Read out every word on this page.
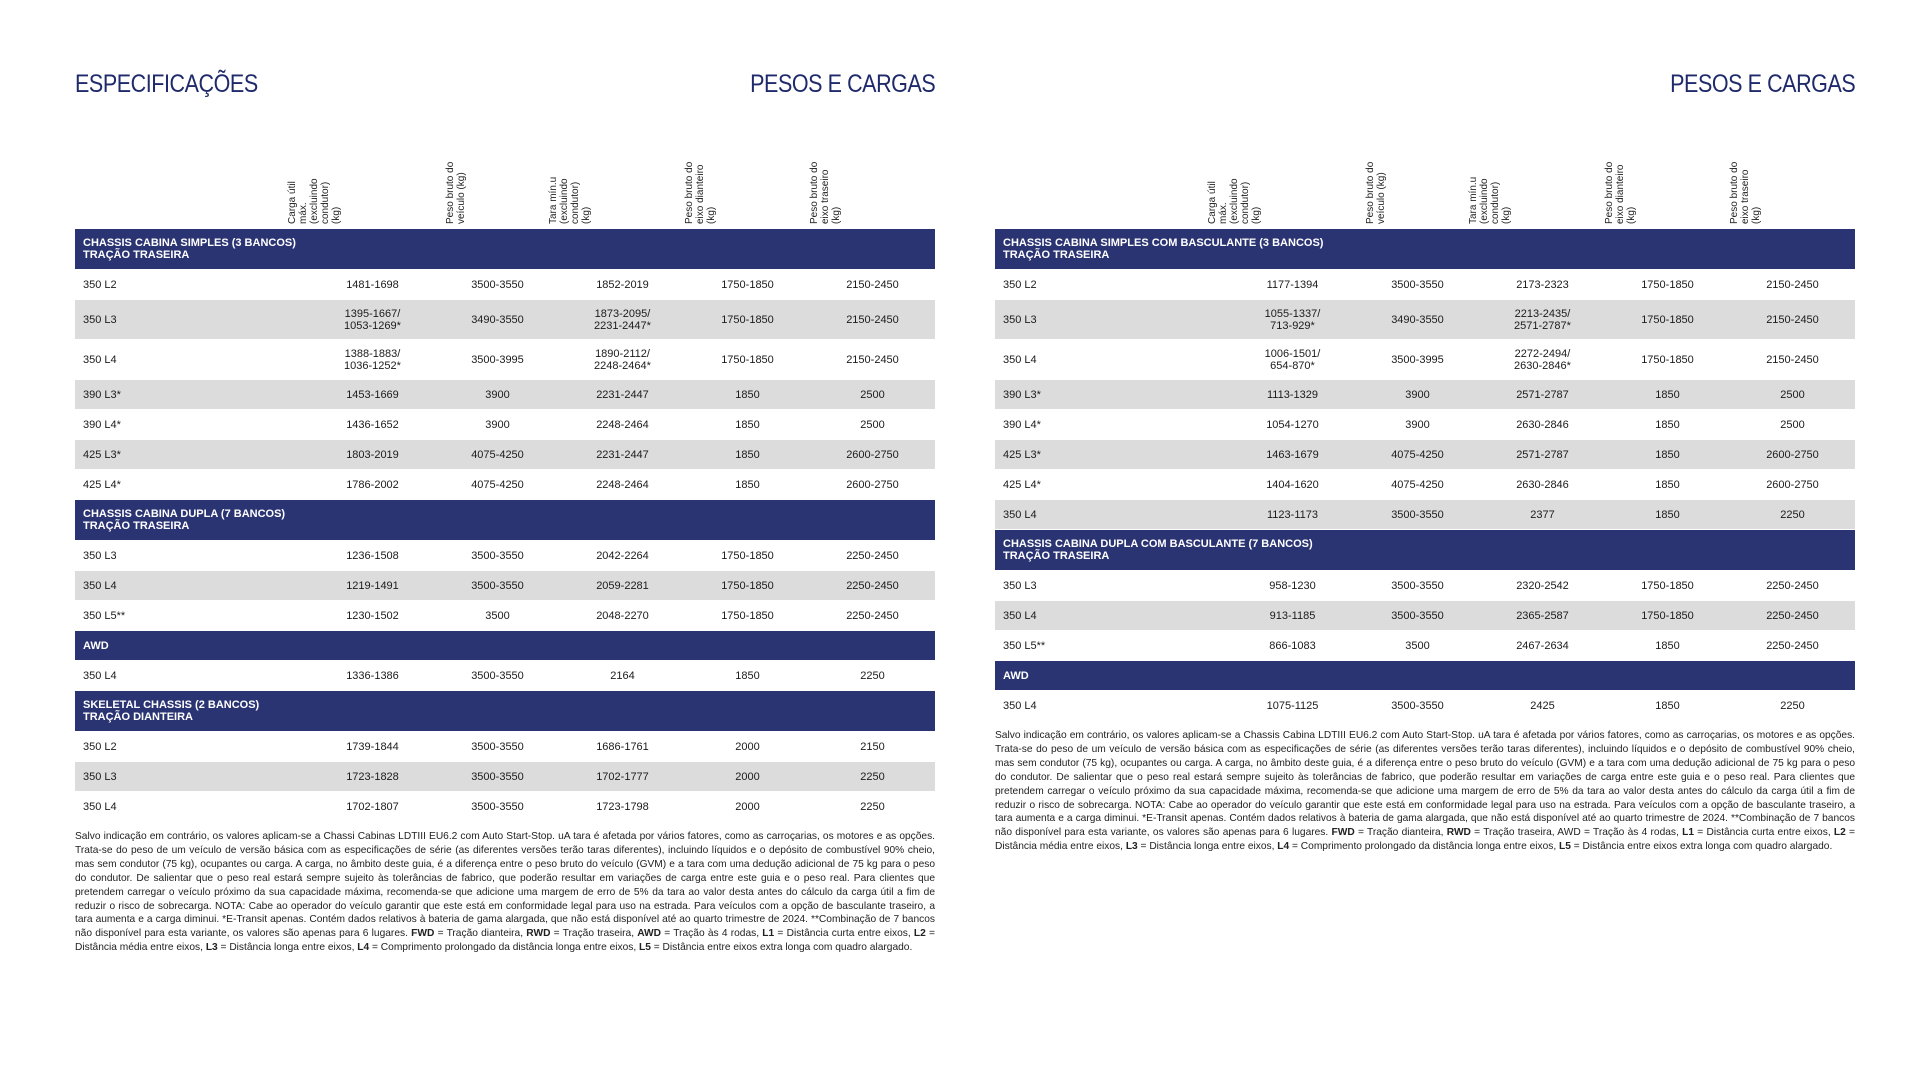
ESPECIFICAÇÕES	PESOS E CARGAS
Carga útil
máx.
(excluindo
condutor)
(kg)	Peso bruto do
veículo (kg)
Tara mín.u
(excluindo
condutor)
(kg)	Peso bruto do
eixo dianteiro
(kg)	Peso bruto do
eixo traseiro
(kg)
CHASSIS CABINA SIMPLES (3 BANCOS)
TRAÇÃO TRASEIRA
350 L2	1481-1698	3500-3550	1852-2019	1750-1850	2150-2450
350 L3	1395-1667/
1053-1269*	3490-3550	1873-2095/
2231-2447*	1750-1850	2150-2450
350 L4	1388-1883/
1036-1252*	3500-3995	1890-2112/
2248-2464*	1750-1850	2150-2450
390 L3*	1453-1669	3900	2231-2447	1850	2500
390 L4*	1436-1652	3900	2248-2464	1850	2500
425 L3*	1803-2019	4075-4250	2231-2447	1850	2600-2750
425 L4*	1786-2002	4075-4250	2248-2464	1850	2600-2750
CHASSIS CABINA DUPLA (7 BANCOS)
TRAÇÃO TRASEIRA
350 L3	1236-1508	3500-3550	2042-2264	1750-1850	2250-2450
350 L4	1219-1491	3500-3550	2059-2281	1750-1850	2250-2450
350 L5**	1230-1502	3500	2048-2270	1750-1850	2250-2450
AWD
350 L4	1336-1386	3500-3550	2164	1850	2250
SKELETAL CHASSIS (2 BANCOS)
TRAÇÃO DIANTEIRA
350 L2	1739-1844	3500-3550	1686-1761	2000	2150
350 L3	1723-1828	3500-3550	1702-1777	2000	2250
350 L4	1702-1807	3500-3550	1723-1798	2000	2250
Salvo indicação em contrário, os valores aplicam-se a Chassi Cabinas LDTIII EU6.2 com Auto Start-Stop. uA tara é afetada por vários fatores, como as carroçarias, os motores e as opções. Trata-se do peso de um veículo de versão básica com as especificações de série (as diferentes versões terão taras diferentes), incluindo líquidos e o depósito de combustível 90% cheio, mas sem condutor (75 kg), ocupantes ou carga. A carga, no âmbito deste guia, é a diferença entre o peso bruto do veículo (GVM) e a tara com uma dedução adicional de 75 kg para o peso do condutor. De salientar que o peso real estará sempre sujeito às tolerâncias de fabrico, que poderão resultar em variações de carga entre este guia e o peso real. Para clientes que pretendem carregar o veículo próximo da sua capacidade máxima, recomenda-se que adicione uma margem de erro de 5% da tara ao valor desta antes do cálculo da carga útil a fim de reduzir o risco de sobrecarga. NOTA: Cabe ao operador do veículo garantir que este está em conformidade legal para uso na estrada. Para veículos com a opção de basculante traseiro, a tara aumenta e a carga diminui. *E-Transit apenas. Contém dados relativos à bateria de gama alargada, que não está disponível até ao quarto trimestre de 2024. **Combinação de 7 bancos não disponível para esta variante, os valores são apenas para 6 lugares. FWD = Tração dianteira, RWD = Tração traseira, AWD = Tração às 4 rodas, L1 = Distância curta entre eixos, L2 = Distância média entre eixos, L3 = Distância longa entre eixos, L4 = Comprimento prolongado da distância longa entre eixos, L5 = Distância entre eixos extra longa com quadro alargado.
PESOS E CARGAS
Carga útil
máx.
(excluindo
condutor)
(kg)	Peso bruto do
veículo (kg)
Tara mín.u
(excluindo
condutor)
(kg)	Peso bruto do
eixo dianteiro
(kg)	Peso bruto do
eixo traseiro
(kg)
CHASSIS CABINA SIMPLES COM BASCULANTE (3 BANCOS)
TRAÇÃO TRASEIRA
350 L2	1177-1394	3500-3550	2173-2323	1750-1850	2150-2450
350 L3	1055-1337/
713-929*	3490-3550	2213-2435/
2571-2787*	1750-1850	2150-2450
350 L4	1006-1501/
654-870*	3500-3995	2272-2494/
2630-2846*	1750-1850	2150-2450
390 L3*	1113-1329	3900	2571-2787	1850	2500
390 L4*	1054-1270	3900	2630-2846	1850	2500
425 L3*	1463-1679	4075-4250	2571-2787	1850	2600-2750
425 L4*	1404-1620	4075-4250	2630-2846	1850	2600-2750
350 L4	1123-1173	3500-3550	2377	1850	2250
CHASSIS CABINA DUPLA COM BASCULANTE (7 BANCOS)
TRAÇÃO TRASEIRA
350 L3	958-1230	3500-3550	2320-2542	1750-1850	2250-2450
350 L4	913-1185	3500-3550	2365-2587	1750-1850	2250-2450
350 L5**	866-1083	3500	2467-2634	1850	2250-2450
AWD
350 L4	1075-1125	3500-3550	2425	1850	2250
Salvo indicação em contrário, os valores aplicam-se a Chassis Cabina LDTIII EU6.2 com Auto Start-Stop. uA tara é afetada por vários fatores, como as carroçarias, os motores e as opções. Trata-se do peso de um veículo de versão básica com as especificações de série (as diferentes versões terão taras diferentes), incluindo líquidos e o depósito de combustível 90% cheio, mas sem condutor (75 kg), ocupantes ou carga. A carga, no âmbito deste guia, é a diferença entre o peso bruto do veículo (GVM) e a tara com uma dedução adicional de 75 kg para o peso do condutor. De salientar que o peso real estará sempre sujeito às tolerâncias de fabrico, que poderão resultar em variações de carga entre este guia e o peso real. Para clientes que pretendem carregar o veículo próximo da sua capacidade máxima, recomenda-se que adicione uma margem de erro de 5% da tara ao valor desta antes do cálculo da carga útil a fim de reduzir o risco de sobrecarga. NOTA: Cabe ao operador do veículo garantir que este está em conformidade legal para uso na estrada. Para veículos com a opção de basculante traseiro, a tara aumenta e a carga diminui. *E-Transit apenas. Contém dados relativos à bateria de gama alargada, que não está disponível até ao quarto trimestre de 2024. **Combinação de 7 bancos não disponível para esta variante, os valores são apenas para 6 lugares. FWD = Tração dianteira, RWD = Tração traseira, AWD = Tração às 4 rodas, L1 = Distância curta entre eixos, L2 = Distância média entre eixos, L3 = Distância longa entre eixos, L4 = Comprimento prolongado da distância longa entre eixos, L5 = Distância entre eixos extra longa com quadro alargado.
